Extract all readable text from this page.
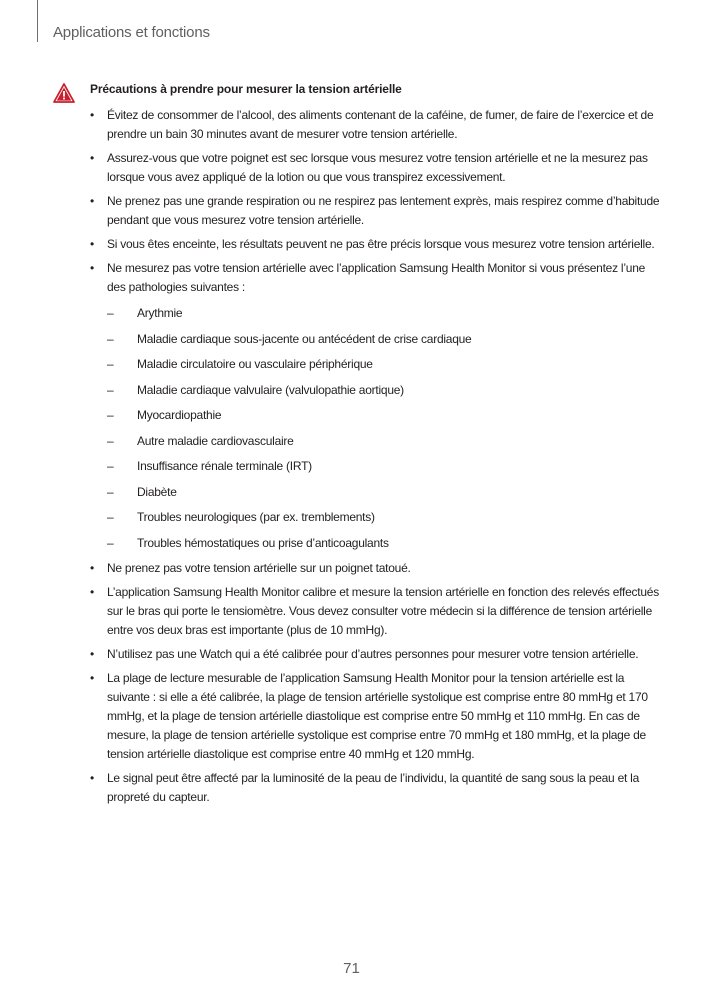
Applications et fonctions
Précautions à prendre pour mesurer la tension artérielle
• Évitez de consommer de l’alcool, des aliments contenant de la caféine, de fumer, de faire de l’exercice et de prendre un bain 30 minutes avant de mesurer votre tension artérielle.
• Assurez-vous que votre poignet est sec lorsque vous mesurez votre tension artérielle et ne la mesurez pas lorsque vous avez appliqué de la lotion ou que vous transpirez excessivement.
• Ne prenez pas une grande respiration ou ne respirez pas lentement exprès, mais respirez comme d’habitude pendant que vous mesurez votre tension artérielle.
• Si vous êtes enceinte, les résultats peuvent ne pas être précis lorsque vous mesurez votre tension artérielle.
• Ne mesurez pas votre tension artérielle avec l’application Samsung Health Monitor si vous présentez l’une des pathologies suivantes :
– Arythmie
– Maladie cardiaque sous-jacente ou antécédent de crise cardiaque
– Maladie circulatoire ou vasculaire périphérique
– Maladie cardiaque valvulaire (valvulopathie aortique)
– Myocardiopathie
– Autre maladie cardiovasculaire
– Insuffisance rénale terminale (IRT)
– Diabète
– Troubles neurologiques (par ex. tremblements)
– Troubles hémostatiques ou prise d’anticoagulants
• Ne prenez pas votre tension artérielle sur un poignet tatoué.
• L’application Samsung Health Monitor calibre et mesure la tension artérielle en fonction des relevés effectués sur le bras qui porte le tensiomètre. Vous devez consulter votre médecin si la différence de tension artérielle entre vos deux bras est importante (plus de 10 mmHg).
• N’utilisez pas une Watch qui a été calibrée pour d’autres personnes pour mesurer votre tension artérielle.
• La plage de lecture mesurable de l’application Samsung Health Monitor pour la tension artérielle est la suivante : si elle a été calibrée, la plage de tension artérielle systolique est comprise entre 80 mmHg et 170 mmHg, et la plage de tension artérielle diastolique est comprise entre 50 mmHg et 110 mmHg. En cas de mesure, la plage de tension artérielle systolique est comprise entre 70 mmHg et 180 mmHg, et la plage de tension artérielle diastolique est comprise entre 40 mmHg et 120 mmHg.
• Le signal peut être affecté par la luminosité de la peau de l’individu, la quantité de sang sous la peau et la propreté du capteur.
71
